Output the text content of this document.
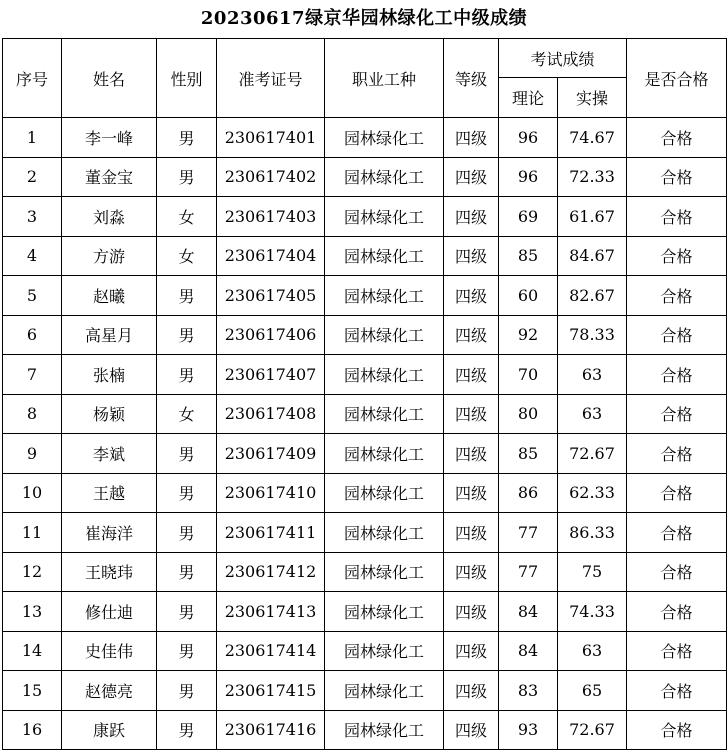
20230617绿京华园林绿化工中级成绩
序号	姓名	性别	准考证号	职业工种	等级	考试成绩		是否合格
						理论	实操	
1	李一峰	男	230617401	园林绿化工	四级	96	74.67	合格
2	董金宝	男	230617402	园林绿化工	四级	96	72.33	合格
3	刘淼	女	230617403	园林绿化工	四级	69	61.67	合格
4	方游	女	230617404	园林绿化工	四级	85	84.67	合格
5	赵曦	男	230617405	园林绿化工	四级	60	82.67	合格
6	高星月	男	230617406	园林绿化工	四级	92	78.33	合格
7	张楠	男	230617407	园林绿化工	四级	70	63	合格
8	杨颖	女	230617408	园林绿化工	四级	80	63	合格
9	李斌	男	230617409	园林绿化工	四级	85	72.67	合格
10	王越	男	230617410	园林绿化工	四级	86	62.33	合格
11	崔海洋	男	230617411	园林绿化工	四级	77	86.33	合格
12	王晓玮	男	230617412	园林绿化工	四级	77	75	合格
13	修仕迪	男	230617413	园林绿化工	四级	84	74.33	合格
14	史佳伟	男	230617414	园林绿化工	四级	84	63	合格
15	赵德亮	男	230617415	园林绿化工	四级	83	65	合格
16	康跃	男	230617416	园林绿化工	四级	93	72.67	合格
